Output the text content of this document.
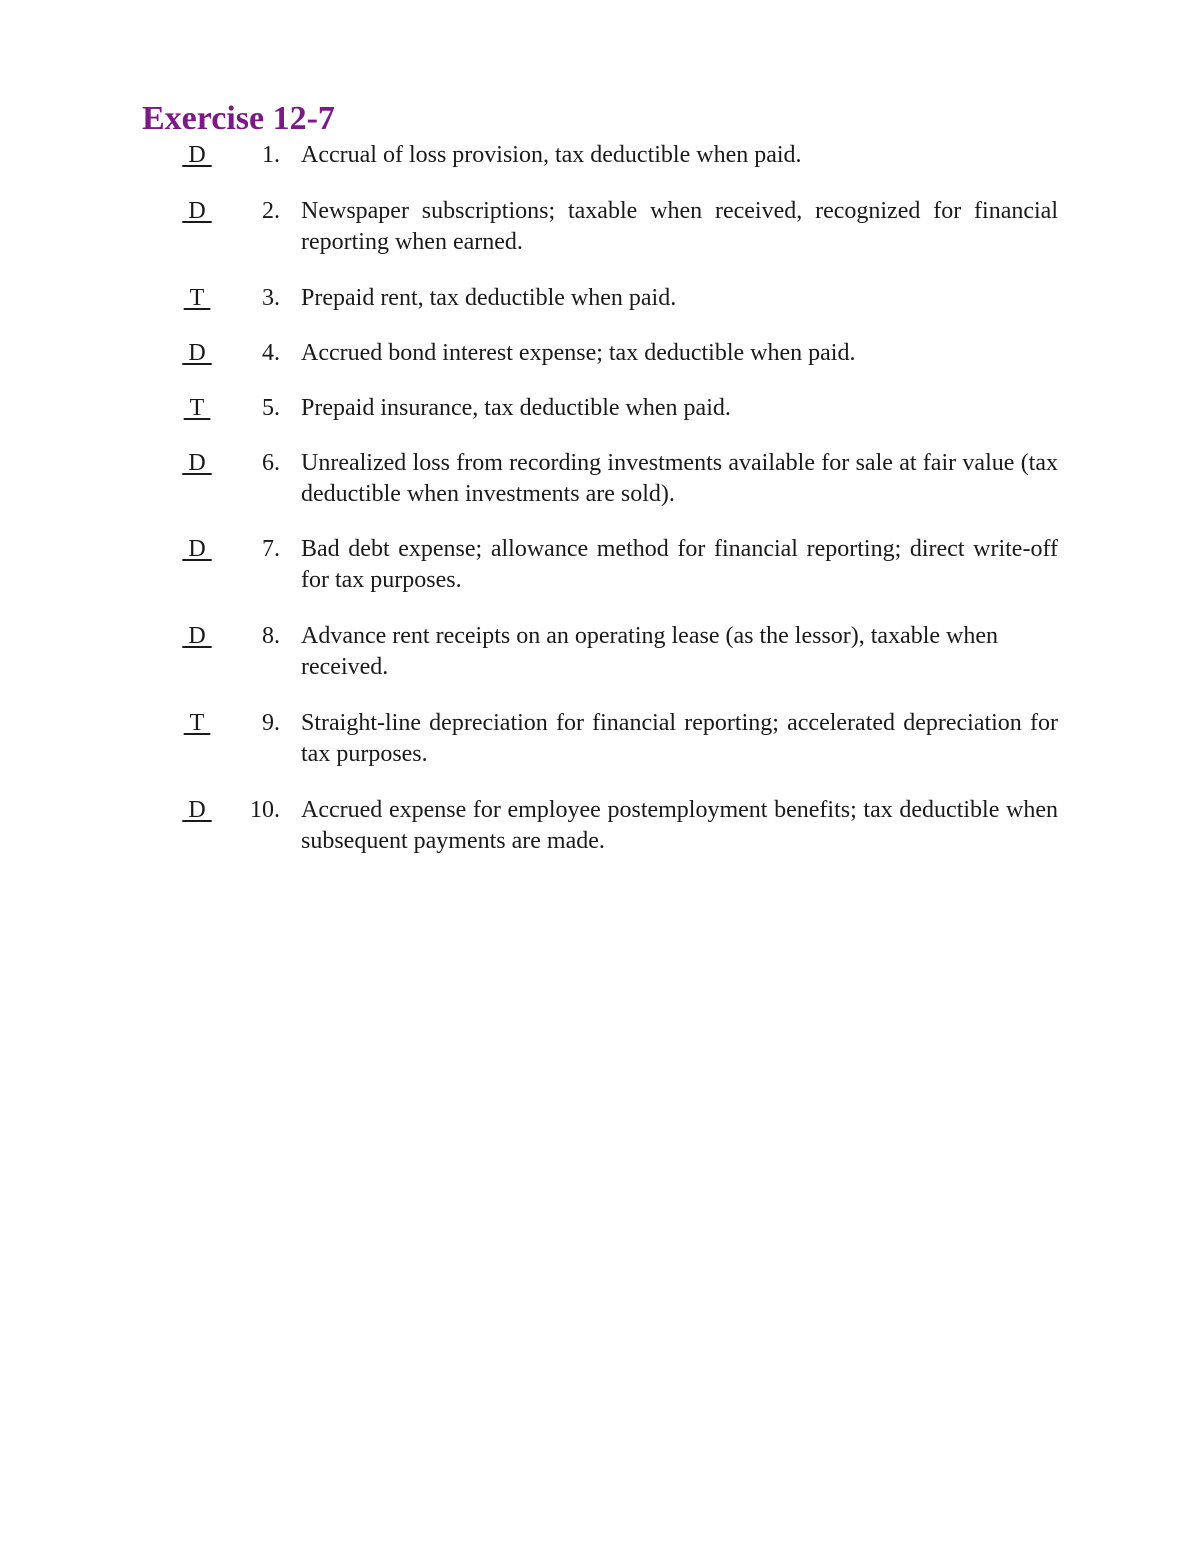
Exercise 12-7
D	1. Accrual of loss provision, tax deductible when paid.
D	2. Newspaper subscriptions; taxable when received, recognized for financial reporting when earned.
T	3. Prepaid rent, tax deductible when paid.
D	4. Accrued bond interest expense; tax deductible when paid.
T	5. Prepaid insurance, tax deductible when paid.
D	6. Unrealized loss from recording investments available for sale at fair value (tax deductible when investments are sold).
D	7. Bad debt expense; allowance method for financial reporting; direct write-off for tax purposes.
D	8. Advance rent receipts on an operating lease (as the lessor), taxable when received.
T	9. Straight-line depreciation for financial reporting; accelerated depreciation for tax purposes.
D	10. Accrued expense for employee postemployment benefits; tax deductible when subsequent payments are made.
